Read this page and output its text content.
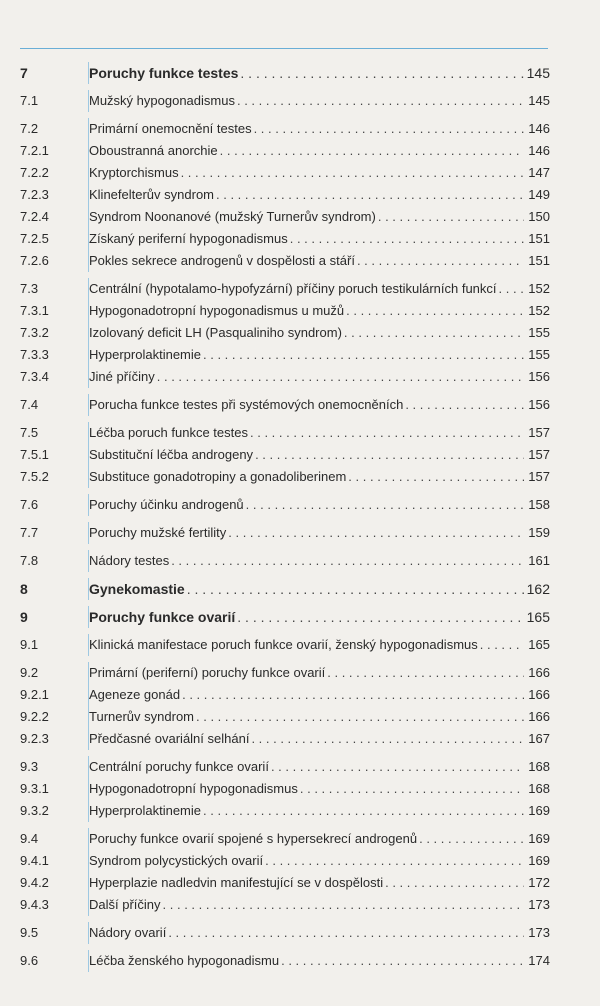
7	Poruchy funkce testes . . .	145
7.1	Mužský hypogonadismus . . .	145
7.2	Primární onemocnění testes . . .	146
7.2.1	Oboustranná anorchie . . .	146
7.2.2	Kryptorchismus . . .	147
7.2.3	Klinefelterův syndrom . . .	149
7.2.4	Syndrom Noonanové (mužský Turnerův syndrom) . . .	150
7.2.5	Získaný periferní hypogonadismus . . .	151
7.2.6	Pokles sekrece androgenů v dospělosti a stáří . . .	151
7.3	Centrální (hypotalamo-hypofyzární) příčiny poruch testikulárních funkcí . . . 152
7.3.1	Hypogonadotropní hypogonadismus u mužů . . .	152
7.3.2	Izolovaný deficit LH (Pasqualiniho syndrom) . . .	155
7.3.3	Hyperprolaktinemie . . .	155
7.3.4	Jiné příčiny . . .	156
7.4	Porucha funkce testes při systémových onemocněních . . .	156
7.5	Léčba poruch funkce testes . . .	157
7.5.1	Substituční léčba androgeny . . .	157
7.5.2	Substituce gonadotropiny a gonadoliberinem . . .	157
7.6	Poruchy účinku androgenů . . .	158
7.7	Poruchy mužské fertility . . .	159
7.8	Nádory testes . . .	161
8	Gynekomastie . . .	162
9	Poruchy funkce ovarií . . .	165
9.1	Klinická manifestace poruch funkce ovarií, ženský hypogonadismus . . .	165
9.2	Primární (periferní) poruchy funkce ovarií . . .	166
9.2.1	Ageneze gonád . . .	166
9.2.2	Turnerův syndrom . . .	166
9.2.3	Předčasné ovariální selhání . . .	167
9.3	Centrální poruchy funkce ovarií . . .	168
9.3.1	Hypogonadotropní hypogonadismus . . .	168
9.3.2	Hyperprolaktinemie . . .	169
9.4	Poruchy funkce ovarií spojené s hypersekrecí androgenů . . .	169
9.4.1	Syndrom polycystických ovarií . . .	169
9.4.2	Hyperplazie nadledvin manifestující se v dospělosti . . .	172
9.4.3	Další příčiny . . .	173
9.5	Nádory ovarií . . .	173
9.6	Léčba ženského hypogonadismu . . .	174
